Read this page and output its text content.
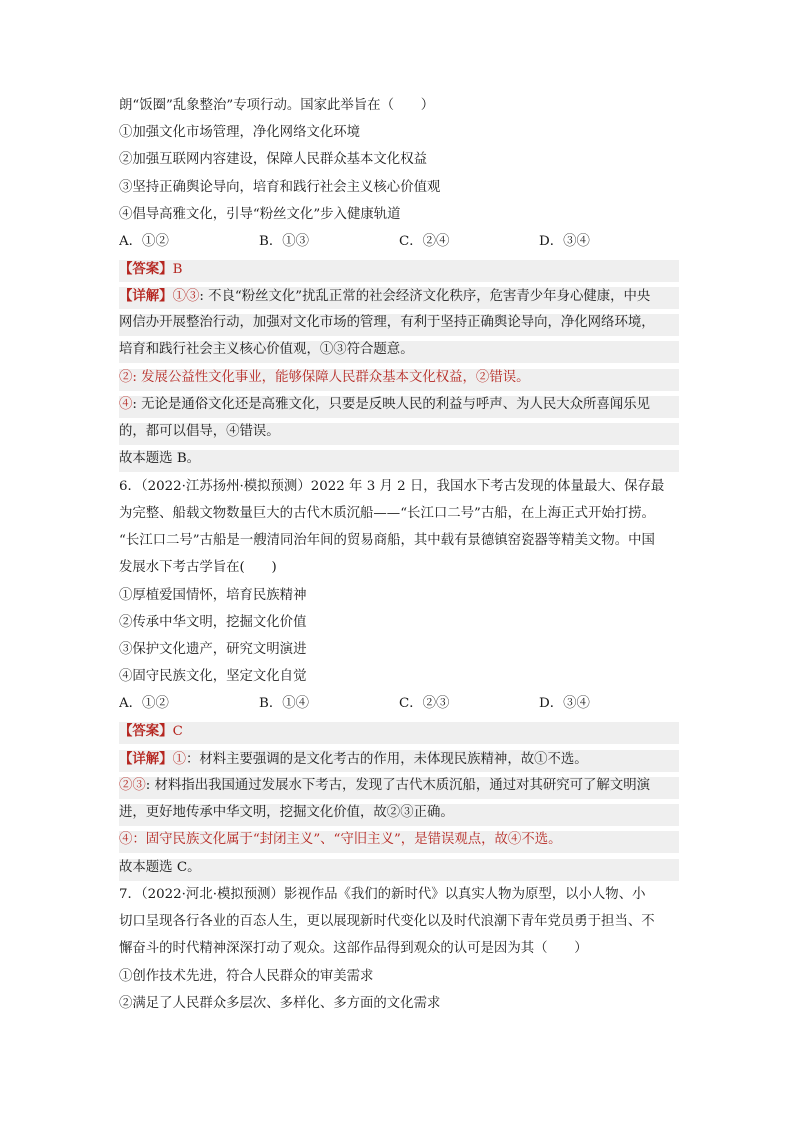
朗“饭圈”乱象整治”专项行动。国家此举旨在（　　）
①加强文化市场管理，净化网络文化环境
②加强互联网内容建设，保障人民群众基本文化权益
③坚持正确舆论导向，培育和践行社会主义核心价值观
④倡导高雅文化，引导“粉丝文化”步入健康轨道
A．①②	B．①③	C．②④	D．③④
【答案】B
【详解】①③: 不良“粉丝文化”扰乱正常的社会经济文化秩序，危害青少年身心健康，中央
网信办开展整治行动，加强对文化市场的管理，有利于坚持正确舆论导向，净化网络环境，
培育和践行社会主义核心价值观，①③符合题意。
②: 发展公益性文化事业，能够保障人民群众基本文化权益，②错误。
④: 无论是通俗文化还是高雅文化，只要是反映人民的利益与呼声、为人民大众所喜闻乐见
的，都可以倡导，④错误。
故本题选 B。
6．（2022·江苏扬州·模拟预测）2022 年 3 月 2 日，我国水下考古发现的体量最大、保存最
为完整、船载文物数量巨大的古代木质沉船——“长江口二号”古船，在上海正式开始打捞。
“长江口二号”古船是一艘清同治年间的贸易商船，其中载有景德镇窑瓷器等精美文物。中国
发展水下考古学旨在(　　)
①厚植爱国情怀，培育民族精神
②传承中华文明，挖掘文化价值
③保护文化遗产，研究文明演进
④固守民族文化，坚定文化自觉
A．①②	B．①④	C．②③	D．③④
【答案】C
【详解】①：材料主要强调的是文化考古的作用，未体现民族精神，故①不选。
②③: 材料指出我国通过发展水下考古，发现了古代木质沉船，通过对其研究可了解文明演
进，更好地传承中华文明，挖掘文化价值，故②③正确。
④：固守民族文化属于“封闭主义”、“守旧主义”，是错误观点，故④不选。
故本题选 C。
7．（2022·河北·模拟预测）影视作品《我们的新时代》以真实人物为原型，以小人物、小
切口呈现各行各业的百态人生，更以展现新时代变化以及时代浪潮下青年党员勇于担当、不
懈奋斗的时代精神深深打动了观众。这部作品得到观众的认可是因为其（　　）
①创作技术先进，符合人民群众的审美需求
②满足了人民群众多层次、多样化、多方面的文化需求
